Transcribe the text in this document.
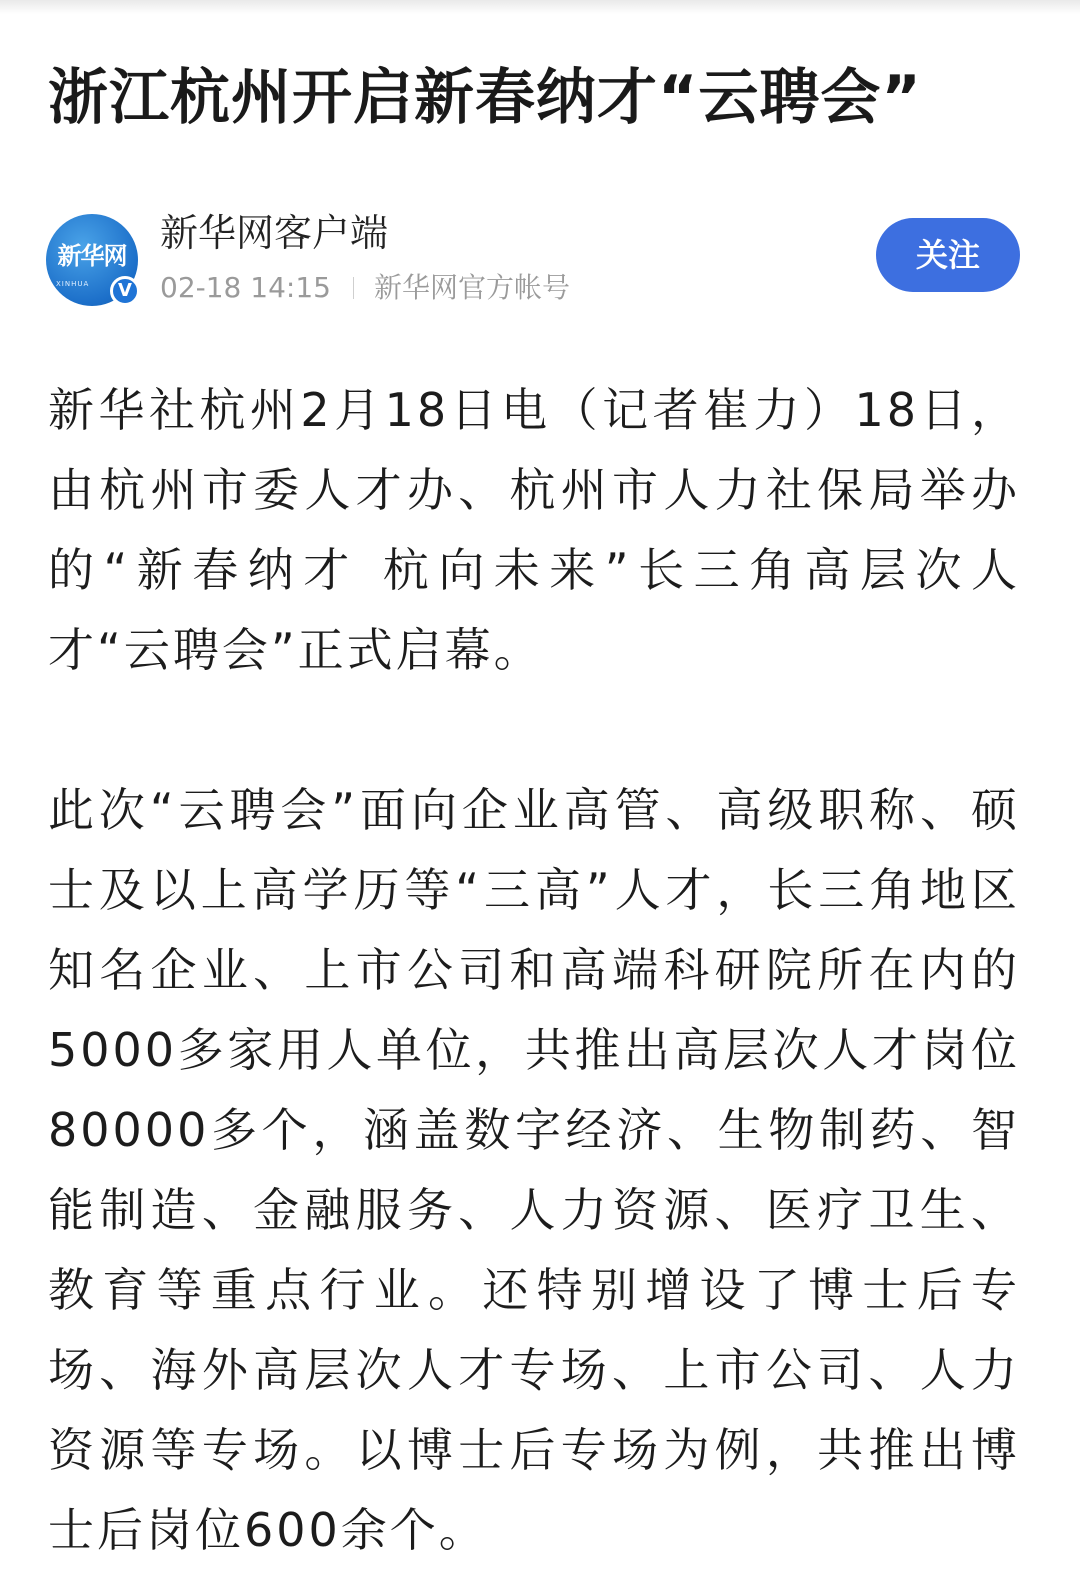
浙江杭州开启新春纳才“云聘会”
新华网
XINHUA	V
新华网客户端
02-18 14:15 新华网官方帐号
关注

新华社杭州2月18日电（记者崔力）18日，由杭州市委人才办、杭州市人力社保局举办的“新春纳才 杭向未来”长三角高层次人才“云聘会”正式启幕。

此次“云聘会”面向企业高管、高级职称、硕士及以上高学历等“三高”人才，长三角地区知名企业、上市公司和高端科研院所在内的5000多家用人单位，共推出高层次人才岗位80000多个，涵盖数字经济、生物制药、智能制造、金融服务、人力资源、医疗卫生、教育等重点行业。还特别增设了博士后专场、海外高层次人才专场、上市公司、人力资源等专场。以博士后专场为例，共推出博士后岗位600余个。
